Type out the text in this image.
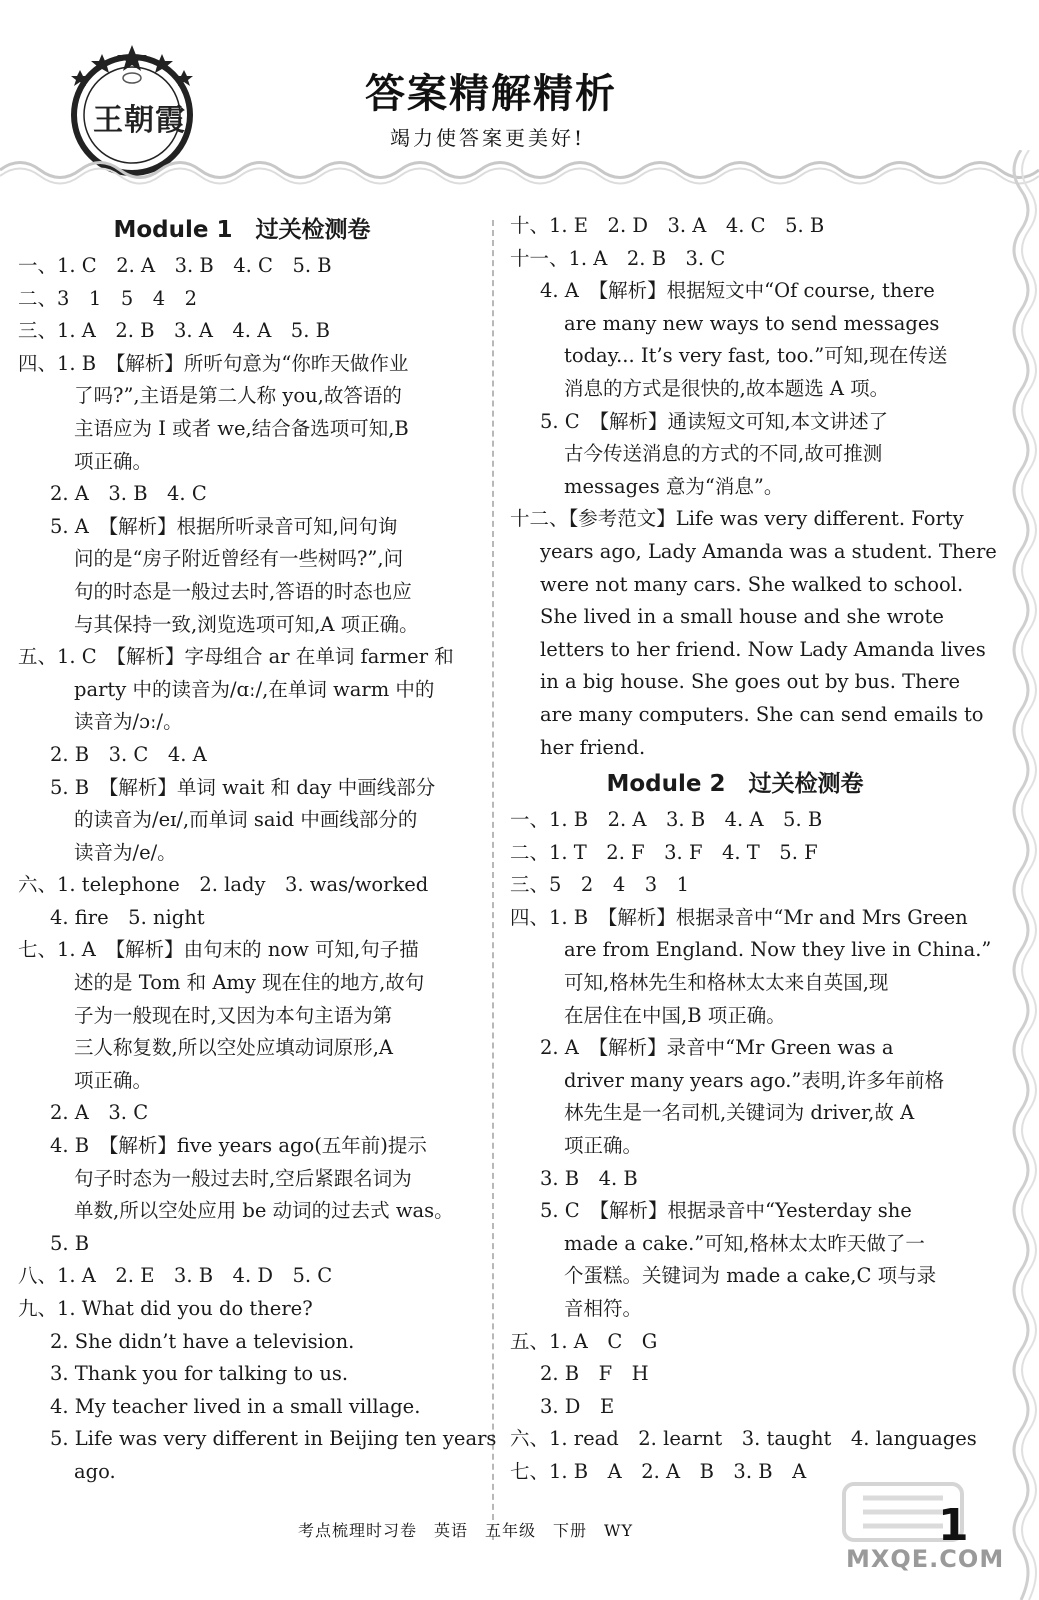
王朝霞
答案精解精析
竭力使答案更美好!
Module 1　过关检测卷
一、1. C　2. A　3. B　4. C　5. B
二、3　1　5　4　2
三、1. A　2. B　3. A　4. A　5. B
四、1. B　【解析】所听句意为“你昨天做作业
了吗?”,主语是第二人称 you,故答语的
主语应为 I 或者 we,结合备选项可知,B
项正确。
2. A　3. B　4. C
5. A　【解析】根据所听录音可知,问句询
问的是“房子附近曾经有一些树吗?”,问
句的时态是一般过去时,答语的时态也应
与其保持一致,浏览选项可知,A 项正确。
五、1. C　【解析】字母组合 ar 在单词 farmer 和
party 中的读音为/ɑː/,在单词 warm 中的
读音为/ɔː/。
2. B　3. C　4. A
5. B　【解析】单词 wait 和 day 中画线部分
的读音为/eɪ/,而单词 said 中画线部分的
读音为/e/。
六、1. telephone　2. lady　3. was/worked
4. fire　5. night
七、1. A　【解析】由句末的 now 可知,句子描
述的是 Tom 和 Amy 现在住的地方,故句
子为一般现在时,又因为本句主语为第
三人称复数,所以空处应填动词原形,A
项正确。
2. A　3. C
4. B　【解析】five years ago(五年前)提示
句子时态为一般过去时,空后紧跟名词为
单数,所以空处应用 be 动词的过去式 was。
5. B
八、1. A　2. E　3. B　4. D　5. C
九、1. What did you do there?
2. She didn’t have a television.
3. Thank you for talking to us.
4. My teacher lived in a small village.
5. Life was very different in Beijing ten years
ago.
十、1. E　2. D　3. A　4. C　5. B
十一、1. A　2. B　3. C
4. A　【解析】根据短文中“Of course, there
are many new ways to send messages
today... It’s very fast, too.”可知,现在传送
消息的方式是很快的,故本题选 A 项。
5. C　【解析】通读短文可知,本文讲述了
古今传送消息的方式的不同,故可推测
messages 意为“消息”。
十二、【参考范文】Life was very different. Forty
years ago, Lady Amanda was a student. There
were not many cars. She walked to school.
She lived in a small house and she wrote
letters to her friend. Now Lady Amanda lives
in a big house. She goes out by bus. There
are many computers. She can send emails to
her friend.
Module 2　过关检测卷
一、1. B　2. A　3. B　4. A　5. B
二、1. T　2. F　3. F　4. T　5. F
三、5　2　4　3　1
四、1. B　【解析】根据录音中“Mr and Mrs Green
are from England. Now they live in China.”
可知,格林先生和格林太太来自英国,现
在居住在中国,B 项正确。
2. A　【解析】录音中“Mr Green was a
driver many years ago.”表明,许多年前格
林先生是一名司机,关键词为 driver,故 A
项正确。
3. B　4. B
5. C　【解析】根据录音中“Yesterday she
made a cake.”可知,格林太太昨天做了一
个蛋糕。关键词为 made a cake,C 项与录
音相符。
五、1. A　C　G
2. B　F　H
3. D　E
六、1. read　2. learnt　3. taught　4. languages
七、1. B　A　2. A　B　3. B　A
考点梳理时习卷　英语　五年级　下册　WY
MXQE.COM
1
